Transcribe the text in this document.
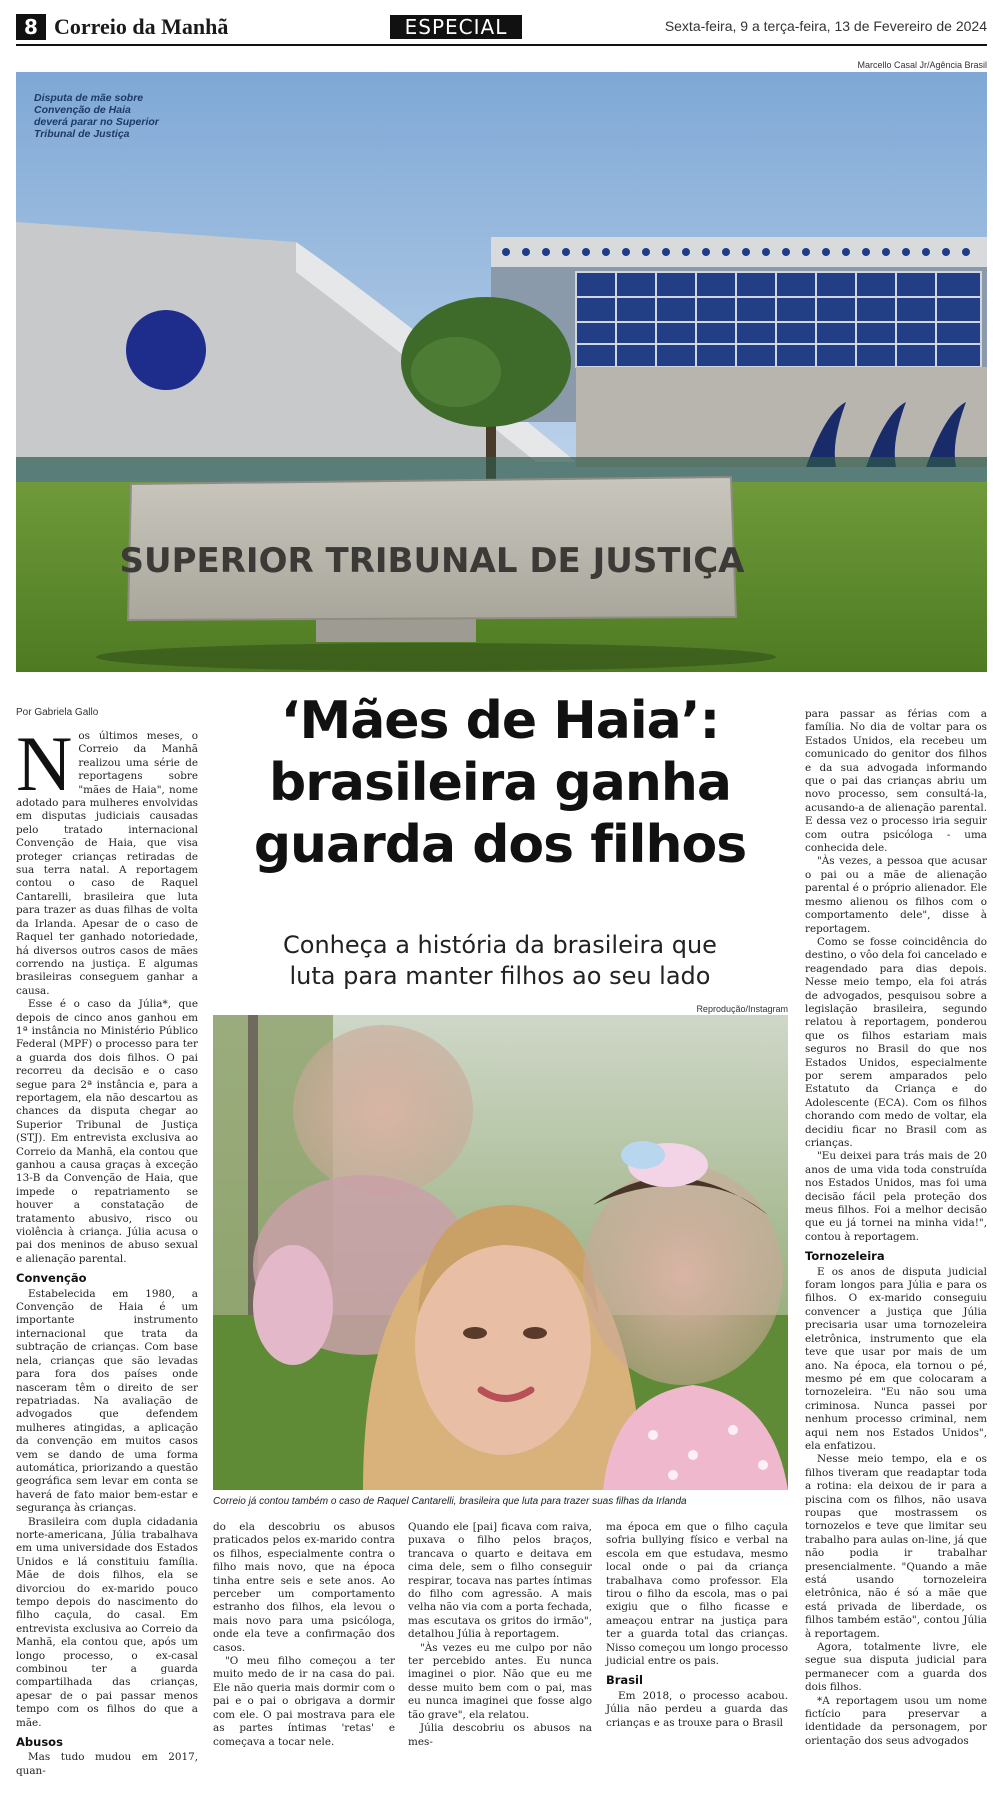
8 Correio da Manhã	ESPECIAL	Sexta-feira, 9 a terça-feira, 13 de Fevereiro de 2024
Marcello Casal Jr/Agência Brasil
SUPERIOR TRIBUNAL DE JUSTIÇA
Disputa de mãe sobre Convenção de Haia deverá parar no Superior Tribunal de Justiça
Por Gabriela Gallo	‘Mães de Haia’:
brasileira ganha
guarda dos filhos
Conheça a história da brasileira que
luta para manter filhos ao seu lado

Nos últimos meses, o Correio da Manhã realizou uma série de reportagens sobre "mães de Haia", nome adotado para mulheres envolvidas em disputas judiciais causadas pelo tratado internacional Convenção de Haia, que visa proteger crianças retiradas de sua terra natal. A reportagem contou o caso de Raquel Cantarelli, brasileira que luta para trazer as duas filhas de volta da Irlanda. Apesar de o caso de Raquel ter ganhado notoriedade, há diversos outros casos de mães correndo na justiça. E algumas brasileiras conseguem ganhar a causa.

Esse é o caso da Júlia*, que depois de cinco anos ganhou em 1ª instância no Ministério Público Federal (MPF) o processo para ter a guarda dos dois filhos. O pai recorreu da decisão e o caso segue para 2ª instância e, para a reportagem, ela não descartou as chances da disputa chegar ao Superior Tribunal de Justiça (STJ). Em entrevista exclusiva ao Correio da Manhã, ela contou que ganhou a causa graças à exceção 13-B da Convenção de Haia, que impede o repatriamento se houver a constatação de tratamento abusivo, risco ou violência à criança. Júlia acusa o pai dos meninos de abuso sexual e alienação parental.

Convenção

Estabelecida em 1980, a Convenção de Haia é um importante instrumento internacional que trata da subtração de crianças. Com base nela, crianças que são levadas para fora dos países onde nasceram têm o direito de ser repatriadas. Na avaliação de advogados que defendem mulheres atingidas, a aplicação da convenção em muitos casos vem se dando de uma forma automática, priorizando a questão geográfica sem levar em conta se haverá de fato maior bem-estar e segurança às crianças.

Brasileira com dupla cidadania norte-americana, Júlia trabalhava em uma universidade dos Estados Unidos e lá constituiu família. Mãe de dois filhos, ela se divorciou do ex-marido pouco tempo depois do nascimento do filho caçula, do casal. Em entrevista exclusiva ao Correio da Manhã, ela contou que, após um longo processo, o ex-casal combinou ter a guarda compartilhada das crianças, apesar de o pai passar menos tempo com os filhos do que a mãe.

Abusos

Mas tudo mudou em 2017, quan-

Reprodução/Instagram
Correio já contou também o caso de Raquel Cantarelli, brasileira que luta para trazer suas filhas da Irlanda

do ela descobriu os abusos praticados pelos ex-marido contra os filhos, especialmente contra o filho mais novo, que na época tinha entre seis e sete anos. Ao perceber um comportamento estranho dos filhos, ela levou o mais novo para uma psicóloga, onde ela teve a confirmação dos casos.

"O meu filho começou a ter muito medo de ir na casa do pai. Ele não queria mais dormir com o pai e o pai o obrigava a dormir com ele. O pai mostrava para ele as partes íntimas 'retas' e começava a tocar nele.

Quando ele [pai] ficava com raiva, puxava o filho pelos braços, trancava o quarto e deitava em cima dele, sem o filho conseguir respirar, tocava nas partes íntimas do filho com agressão. A mais velha não via com a porta fechada, mas escutava os gritos do irmão", detalhou Júlia à reportagem.

"Às vezes eu me culpo por não ter percebido antes. Eu nunca imaginei o pior. Não que eu me desse muito bem com o pai, mas eu nunca imaginei que fosse algo tão grave", ela relatou.

Júlia descobriu os abusos na mes-

ma época em que o filho caçula sofria bullying físico e verbal na escola em que estudava, mesmo local onde o pai da criança trabalhava como professor. Ela tirou o filho da escola, mas o pai exigiu que o filho ficasse e ameaçou entrar na justiça para ter a guarda total das crianças. Nisso começou um longo processo judicial entre os pais.

Brasil

Em 2018, o processo acabou. Júlia não perdeu a guarda das crianças e as trouxe para o Brasil

para passar as férias com a família. No dia de voltar para os Estados Unidos, ela recebeu um comunicado do genitor dos filhos e da sua advogada informando que o pai das crianças abriu um novo processo, sem consultá-la, acusando-a de alienação parental. E dessa vez o processo iria seguir com outra psicóloga - uma conhecida dele.

"Às vezes, a pessoa que acusar o pai ou a mãe de alienação parental é o próprio alienador. Ele mesmo alienou os filhos com o comportamento dele", disse à reportagem.

Como se fosse coincidência do destino, o vôo dela foi cancelado e reagendado para dias depois. Nesse meio tempo, ela foi atrás de advogados, pesquisou sobre a legislação brasileira, segundo relatou à reportagem, ponderou que os filhos estariam mais seguros no Brasil do que nos Estados Unidos, especialmente por serem amparados pelo Estatuto da Criança e do Adolescente (ECA). Com os filhos chorando com medo de voltar, ela decidiu ficar no Brasil com as crianças.

"Eu deixei para trás mais de 20 anos de uma vida toda construída nos Estados Unidos, mas foi uma decisão fácil pela proteção dos meus filhos. Foi a melhor decisão que eu já tornei na minha vida!", contou à reportagem.

Tornozeleira

E os anos de disputa judicial foram longos para Júlia e para os filhos. O ex-marido conseguiu convencer a justiça que Júlia precisaria usar uma tornozeleira eletrônica, instrumento que ela teve que usar por mais de um ano. Na época, ela tornou o pé, mesmo pé em que colocaram a tornozeleira. "Eu não sou uma criminosa. Nunca passei por nenhum processo criminal, nem aqui nem nos Estados Unidos", ela enfatizou.

Nesse meio tempo, ela e os filhos tiveram que readaptar toda a rotina: ela deixou de ir para a piscina com os filhos, não usava roupas que mostrassem os tornozelos e teve que limitar seu trabalho para aulas on-line, já que não podia ir trabalhar presencialmente. "Quando a mãe está usando tornozeleira eletrônica, não é só a mãe que está privada de liberdade, os filhos também estão", contou Júlia à reportagem.

Agora, totalmente livre, ele segue sua disputa judicial para permanecer com a guarda dos dois filhos.

*A reportagem usou um nome fictício para preservar a identidade da personagem, por orientação dos seus advogados
